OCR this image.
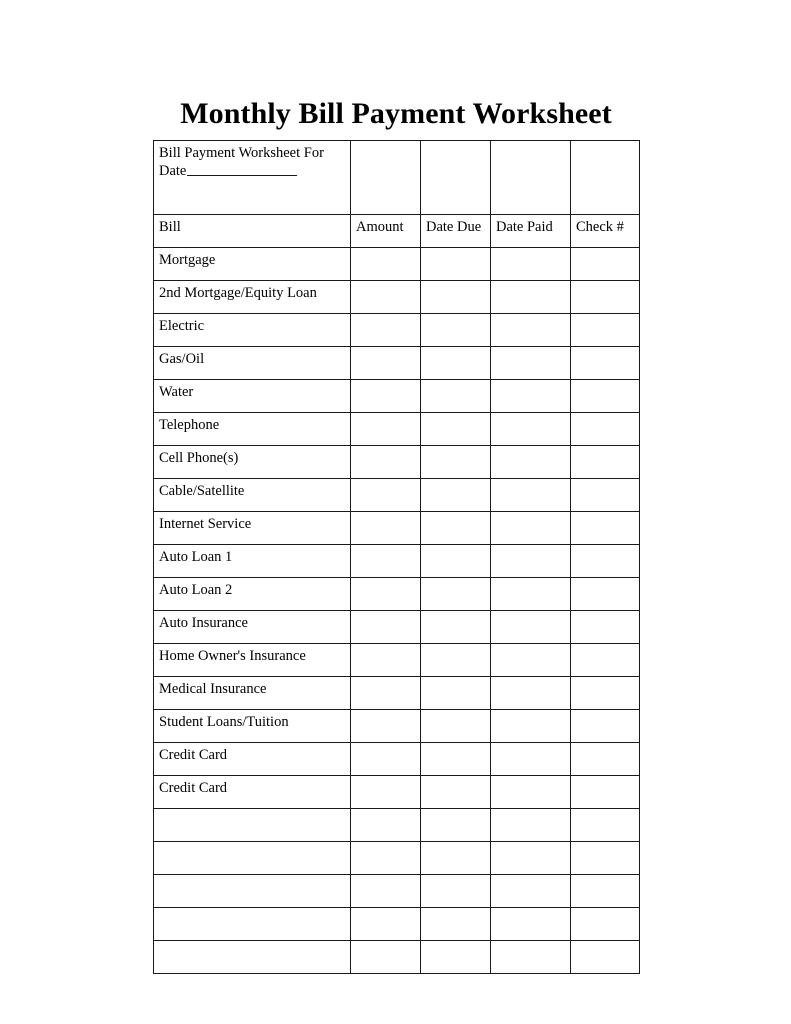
Monthly Bill Payment Worksheet
Bill Payment Worksheet For
Date				
Bill	Amount	Date Due	Date Paid	Check #
Mortgage				
2nd Mortgage/Equity Loan				
Electric				
Gas/Oil				
Water				
Telephone				
Cell Phone(s)				
Cable/Satellite				
Internet Service				
Auto Loan 1				
Auto Loan 2				
Auto Insurance				
Home Owner's Insurance				
Medical Insurance				
Student Loans/Tuition				
Credit Card				
Credit Card				
